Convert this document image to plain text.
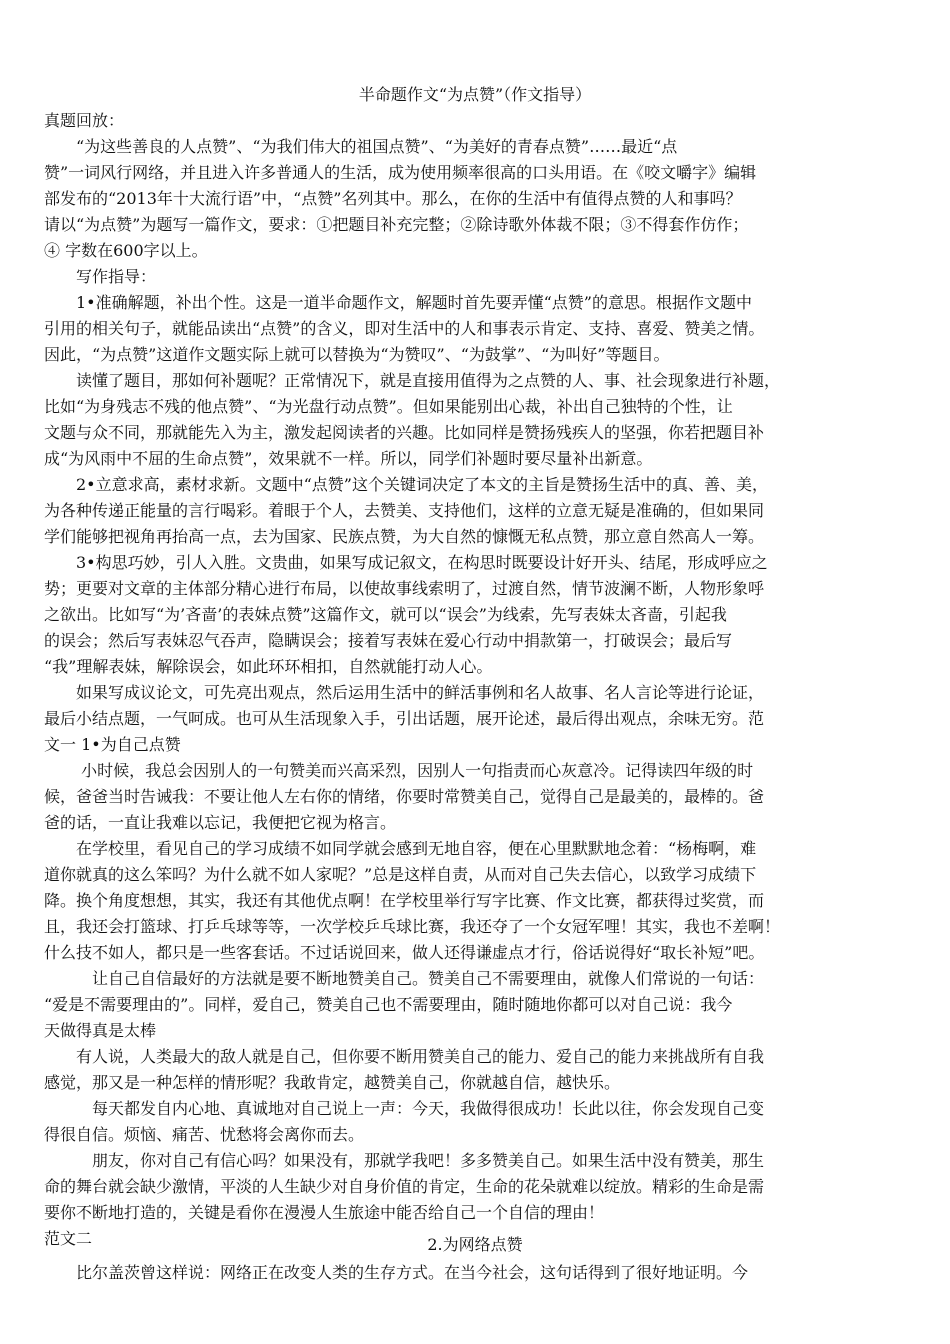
半命题作文“为点赞”（作文指导）
真题回放：
　　“为这些善良的人点赞”、“为我们伟大的祖国点赞”、“为美好的青春点赞”……最近“点
赞”一词风行网络，并且进入许多普通人的生活，成为使用频率很高的口头用语。在《咬文嚼字》编辑
部发布的“2013年十大流行语”中，“点赞”名列其中。那么，在你的生活中有值得点赞的人和事吗？
请以“为点赞”为题写一篇作文，要求：①把题目补充完整；②除诗歌外体裁不限；③不得套作仿作；
④ 字数在600字以上。
　　写作指导：
　　1•准确解题，补出个性。这是一道半命题作文，解题时首先要弄懂“点赞”的意思。根据作文题中
引用的相关句子，就能品读出“点赞”的含义，即对生活中的人和事表示肯定、支持、喜爱、赞美之情。
因此，“为点赞”这道作文题实际上就可以替换为“为赞叹”、“为鼓掌”、“为叫好”等题目。
　　读懂了题目，那如何补题呢？正常情况下，就是直接用值得为之点赞的人、事、社会现象进行补题，
比如“为身残志不残的他点赞”、“为光盘行动点赞”。但如果能别出心裁，补出自己独特的个性，让
文题与众不同，那就能先入为主，激发起阅读者的兴趣。比如同样是赞扬残疾人的坚强，你若把题目补
成“为风雨中不屈的生命点赞”，效果就不一样。所以，同学们补题时要尽量补出新意。
　　2•立意求高，素材求新。文题中“点赞”这个关键词决定了本文的主旨是赞扬生活中的真、善、美，
为各种传递正能量的言行喝彩。着眼于个人，去赞美、支持他们，这样的立意无疑是准确的，但如果同
学们能够把视角再抬高一点，去为国家、民族点赞，为大自然的慷慨无私点赞，那立意自然高人一筹。
　　3•构思巧妙，引人入胜。文贵曲，如果写成记叙文，在构思时既要设计好开头、结尾，形成呼应之
势；更要对文章的主体部分精心进行布局，以使故事线索明了，过渡自然，情节波澜不断，人物形象呼
之欲出。比如写“为’吝啬’的表妹点赞”这篇作文，就可以“误会”为线索，先写表妹太吝啬，引起我
的误会；然后写表妹忍气吞声，隐瞒误会；接着写表妹在爱心行动中捐款第一，打破误会；最后写
“我”理解表妹，解除误会，如此环环相扣，自然就能打动人心。
　　如果写成议论文，可先亮出观点，然后运用生活中的鲜活事例和名人故事、名人言论等进行论证，
最后小结点题，一气呵成。也可从生活现象入手，引出话题，展开论述，最后得出观点，余味无穷。范
文一 1•为自己点赞
　　 小时候，我总会因别人的一句赞美而兴高采烈，因别人一句指责而心灰意冷。记得读四年级的时
候，爸爸当时告诫我：不要让他人左右你的情绪，你要时常赞美自己，觉得自己是最美的，最棒的。爸
爸的话，一直让我难以忘记，我便把它视为格言。
　　在学校里，看见自己的学习成绩不如同学就会感到无地自容，便在心里默默地念着：“杨梅啊，难
道你就真的这么笨吗？为什么就不如人家呢？”总是这样自责，从而对自己失去信心，以致学习成绩下
降。换个角度想想，其实，我还有其他优点啊！在学校里举行写字比赛、作文比赛，都获得过奖赏，而
且，我还会打篮球、打乒乓球等等，一次学校乒乓球比赛，我还夺了一个女冠军哩！其实，我也不差啊！
什么技不如人，都只是一些客套话。不过话说回来，做人还得谦虚点才行，俗话说得好“取长补短”吧。
　　　让自己自信最好的方法就是要不断地赞美自己。赞美自己不需要理由，就像人们常说的一句话：
“爱是不需要理由的”。同样，爱自己，赞美自己也不需要理由，随时随地你都可以对自己说：我今
天做得真是太棒
　　有人说，人类最大的敌人就是自己，但你要不断用赞美自己的能力、爱自己的能力来挑战所有自我
感觉，那又是一种怎样的情形呢？我敢肯定，越赞美自己，你就越自信，越快乐。
　　　每天都发自内心地、真诚地对自己说上一声：今天，我做得很成功！长此以往，你会发现自己变
得很自信。烦恼、痛苦、忧愁将会离你而去。
　　　朋友，你对自己有信心吗？如果没有，那就学我吧！多多赞美自己。如果生活中没有赞美，那生
命的舞台就会缺少激情，平淡的人生缺少对自身价值的肯定，生命的花朵就难以绽放。精彩的生命是需
要你不断地打造的，关键是看你在漫漫人生旅途中能否给自己一个自信的理由！
范文二	2.为网络点赞
　　比尔盖茨曾这样说：网络正在改变人类的生存方式。在当今社会，这句话得到了很好地证明。今
